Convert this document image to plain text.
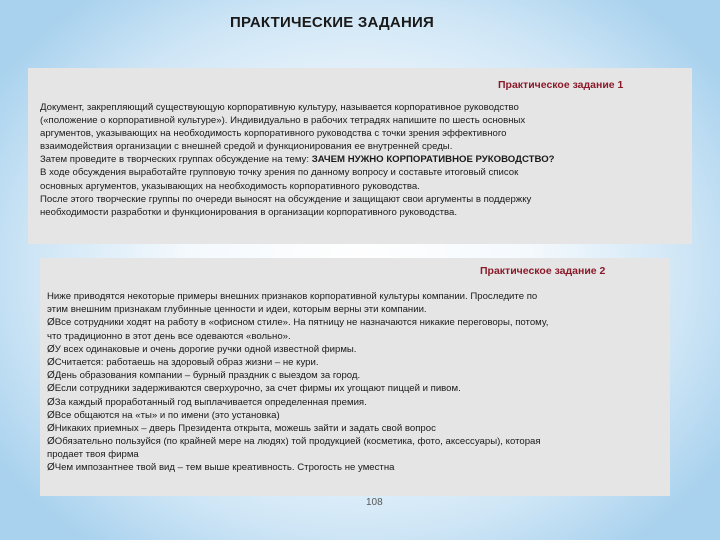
ПРАКТИЧЕСКИЕ ЗАДАНИЯ
Практическое задание 1
Документ, закрепляющий существующую корпоративную культуру, называется корпоративное руководство
(«положение о корпоративной культуре»). Индивидуально в рабочих тетрадях напишите по шесть основных
аргументов, указывающих на необходимость корпоративного руководства с точки зрения эффективного
взаимодействия организации с внешней средой и функционирования ее внутренней среды.
Затем проведите в творческих группах обсуждение на тему: ЗАЧЕМ НУЖНО КОРПОРАТИВНОЕ РУКОВОДСТВО?
В ходе обсуждения выработайте групповую точку зрения по данному вопросу и составьте итоговый список
основных аргументов, указывающих на необходимость корпоративного руководства.
После этого творческие группы по очереди выносят на обсуждение и защищают свои аргументы в поддержку
необходимости разработки и функционирования в организации корпоративного руководства.
Практическое задание 2
Ниже приводятся некоторые примеры внешних признаков корпоративной культуры компании. Проследите по
этим внешним признакам глубинные ценности и идеи, которым верны эти компании.
ØВсе сотрудники ходят на работу в «офисном стиле». На пятницу не назначаются никакие переговоры, потому,
что традиционно в этот день все одеваются «вольно».
ØУ всех одинаковые и очень дорогие ручки одной известной фирмы.
ØСчитается: работаешь на здоровый образ жизни – не кури.
ØДень образования компании – бурный праздник с выездом за город.
ØЕсли сотрудники задерживаются сверхурочно, за счет фирмы их угощают пиццей и пивом.
ØЗа каждый проработанный год выплачивается определенная премия.
ØВсе общаются на «ты» и по имени (это установка)
ØНикаких приемных – дверь Президента открыта, можешь зайти и задать свой вопрос
ØОбязательно пользуйся (по крайней мере на людях) той продукцией (косметика, фото, аксессуары), которая
продает твоя фирма
ØЧем импозантнее твой вид – тем выше креативность. Строгость не уместна
108
